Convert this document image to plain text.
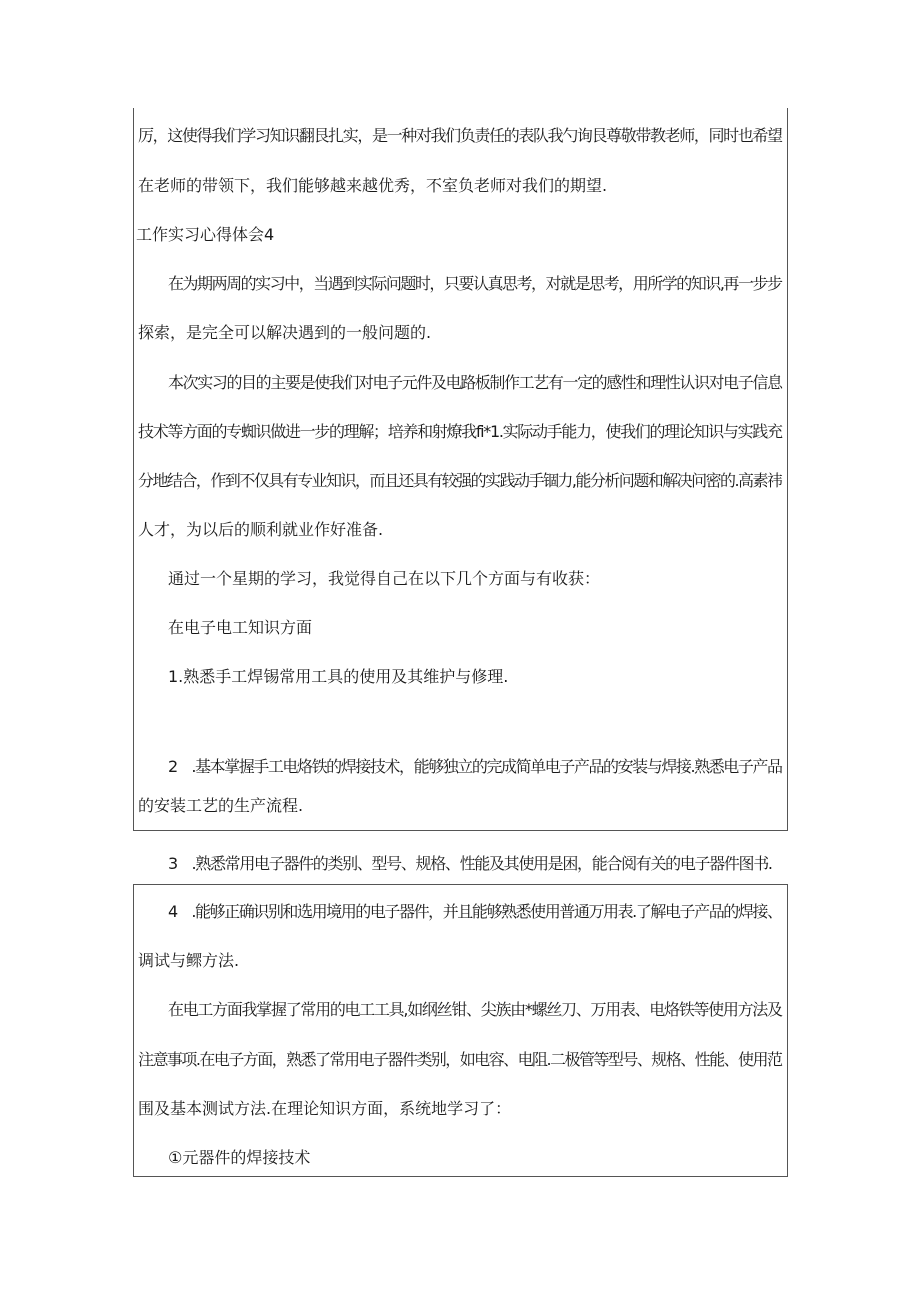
厉，这使得我们学习知识翻艮扎实，是一种对我们负责任的表队我勺询艮尊敬带教老师，同时也希望
在老师的带领下，我们能够越来越优秀，不室负老师对我们的期望.
工作实习心得体会4
在为期两周的实习中，当遇到实际问题时，只要认真思考，对就是思考，用所学的知识,再一步步
探索，是完全可以解决遇到的一般问题的.
本次实习的目的主要是使我们对电子元件及电路板制作工艺有一定的感性和理性认识对电子信息
技术等方面的专蜘识做进一步的理解；培养和射燎我fi*1.实际动手能力，使我们的理论知识与实践充
分地结合，作到不仅具有专业知识，而且还具有较强的实践动手锢力,能分析问题和解决问密的.高素祎
人才，为以后的顺利就业作好准备.
通过一个星期的学习，我觉得自己在以下几个方面与有收获：
在电子电工知识方面
1.熟悉手工焊锡常用工具的使用及其维护与修理.
2　.基本掌握手工电烙铁的焊接技术，能够独立的完成简单电子产品的安装与焊接.熟悉电子产品
的安装工艺的生产流程.
3　.熟悉常用电子器件的类别、型号、规格、性能及其使用是困，能合阅有关的电子器件图书.
4　.能够正确识别和选用境用的电子器件，并且能够熟悉使用普通万用表.了解电子产品的焊接、
调试与鳏方法.
在电工方面我掌握了常用的电工工具,如纲丝钳、尖族由*螺丝刀、万用表、电烙铁等使用方法及
注意事项.在电子方面，熟悉了常用电子器件类别，如电容、电阻.二极管等型号、规格、性能、使用范
围及基本测试方法.在理论知识方面，系统地学习了：
①元器件的焊接技术
